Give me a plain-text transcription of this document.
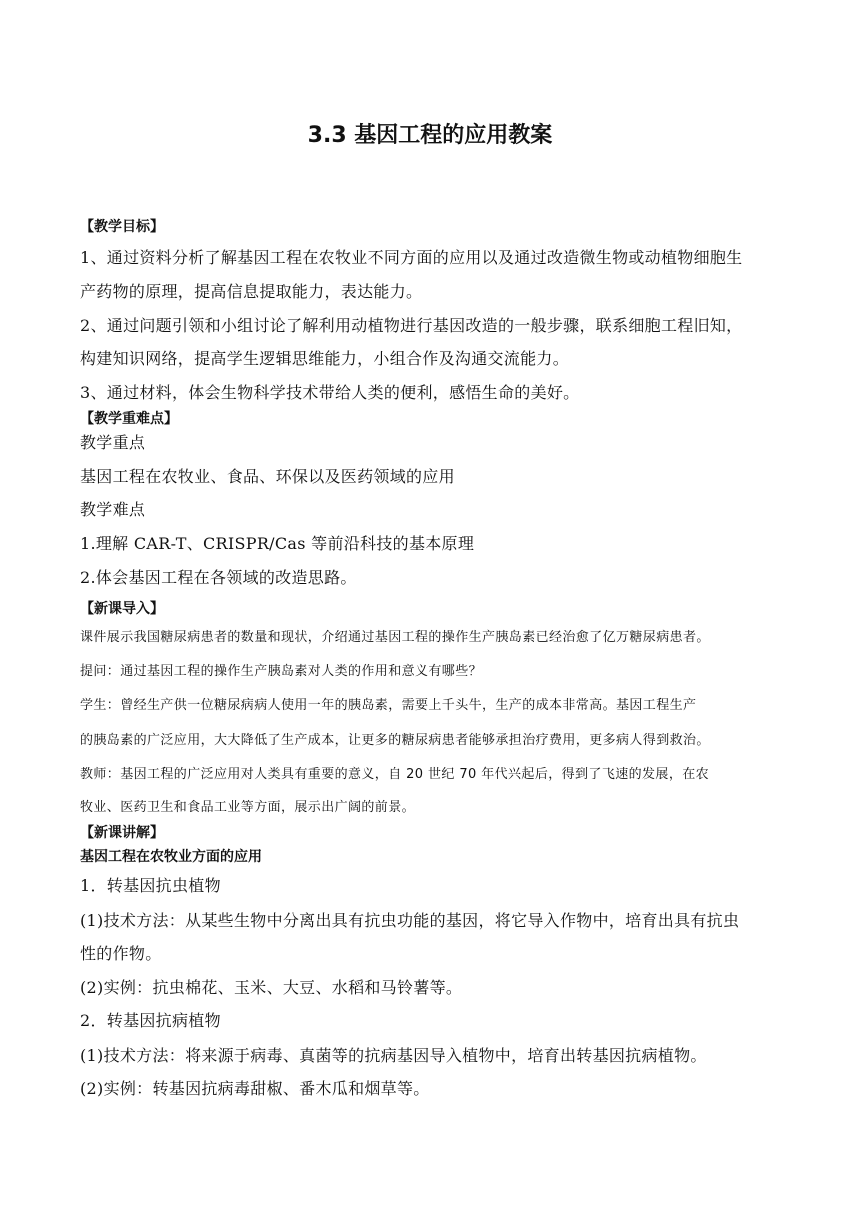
3.3 基因工程的应用教案
【教学目标】
1、通过资料分析了解基因工程在农牧业不同方面的应用以及通过改造微生物或动植物细胞生
产药物的原理，提高信息提取能力，表达能力。
2、通过问题引领和小组讨论了解利用动植物进行基因改造的一般步骤，联系细胞工程旧知，
构建知识网络，提高学生逻辑思维能力，小组合作及沟通交流能力。
3、通过材料，体会生物科学技术带给人类的便利，感悟生命的美好。
【教学重难点】
教学重点
基因工程在农牧业、食品、环保以及医药领域的应用
教学难点
1.理解 CAR-T、CRISPR/Cas 等前沿科技的基本原理
2.体会基因工程在各领域的改造思路。
【新课导入】
课件展示我国糖尿病患者的数量和现状，介绍通过基因工程的操作生产胰岛素已经治愈了亿万糖尿病患者。
提问：通过基因工程的操作生产胰岛素对人类的作用和意义有哪些？
学生：曾经生产供一位糖尿病病人使用一年的胰岛素，需要上千头牛，生产的成本非常高。基因工程生产
的胰岛素的广泛应用，大大降低了生产成本，让更多的糖尿病患者能够承担治疗费用，更多病人得到救治。
教师：基因工程的广泛应用对人类具有重要的意义，自 20 世纪 70 年代兴起后，得到了飞速的发展，在农
牧业、医药卫生和食品工业等方面，展示出广阔的前景。
【新课讲解】
基因工程在农牧业方面的应用
1．转基因抗虫植物
(1)技术方法：从某些生物中分离出具有抗虫功能的基因，将它导入作物中，培育出具有抗虫
性的作物。
(2)实例：抗虫棉花、玉米、大豆、水稻和马铃薯等。
2．转基因抗病植物
(1)技术方法：将来源于病毒、真菌等的抗病基因导入植物中，培育出转基因抗病植物。
(2)实例：转基因抗病毒甜椒、番木瓜和烟草等。
